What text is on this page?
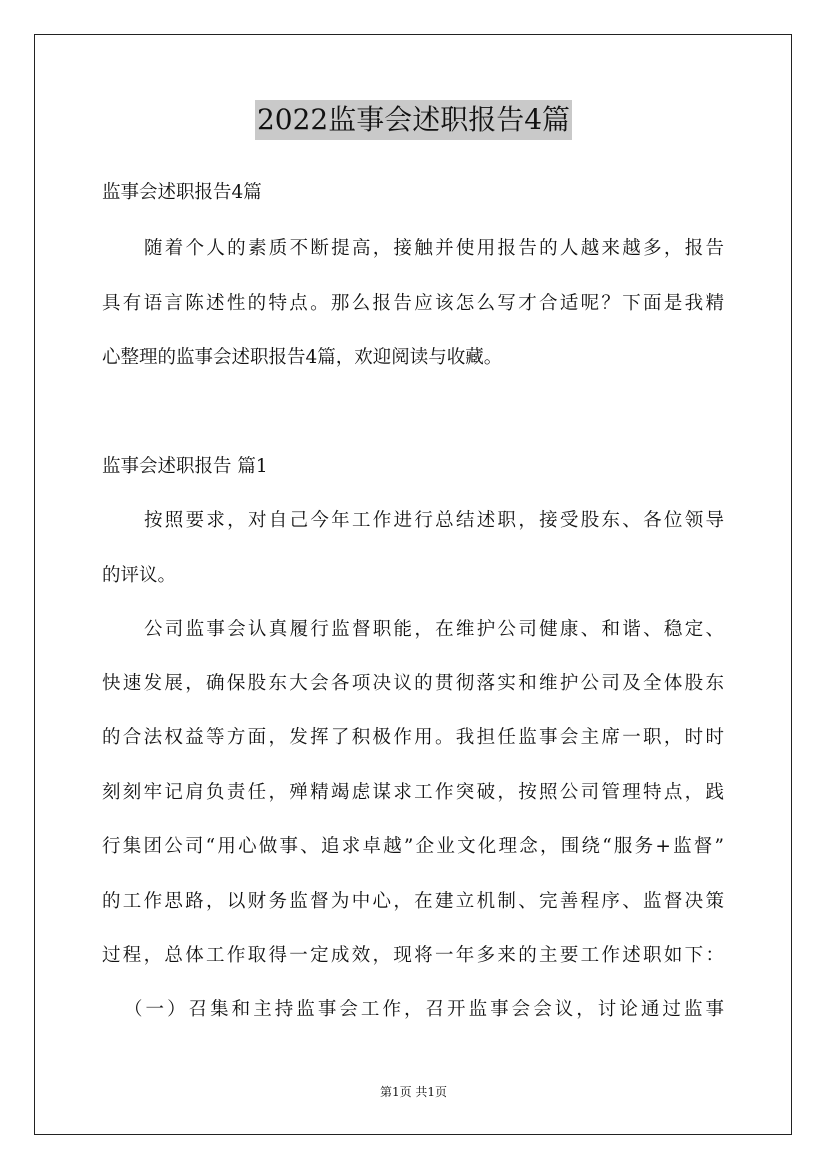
2022监事会述职报告4篇
监事会述职报告4篇
随着个人的素质不断提高，接触并使用报告的人越来越多，报告
具有语言陈述性的特点。那么报告应该怎么写才合适呢？下面是我精
心整理的监事会述职报告4篇，欢迎阅读与收藏。
监事会述职报告 篇1
按照要求，对自己今年工作进行总结述职，接受股东、各位领导
的评议。
公司监事会认真履行监督职能，在维护公司健康、和谐、稳定、
快速发展，确保股东大会各项决议的贯彻落实和维护公司及全体股东
的合法权益等方面，发挥了积极作用。我担任监事会主席一职，时时
刻刻牢记肩负责任，殚精竭虑谋求工作突破，按照公司管理特点，践
行集团公司“用心做事、追求卓越”企业文化理念，围绕“服务+监督”
的工作思路，以财务监督为中心，在建立机制、完善程序、监督决策
过程，总体工作取得一定成效，现将一年多来的主要工作述职如下：
（一）召集和主持监事会工作，召开监事会会议，讨论通过监事
第1页 共1页
